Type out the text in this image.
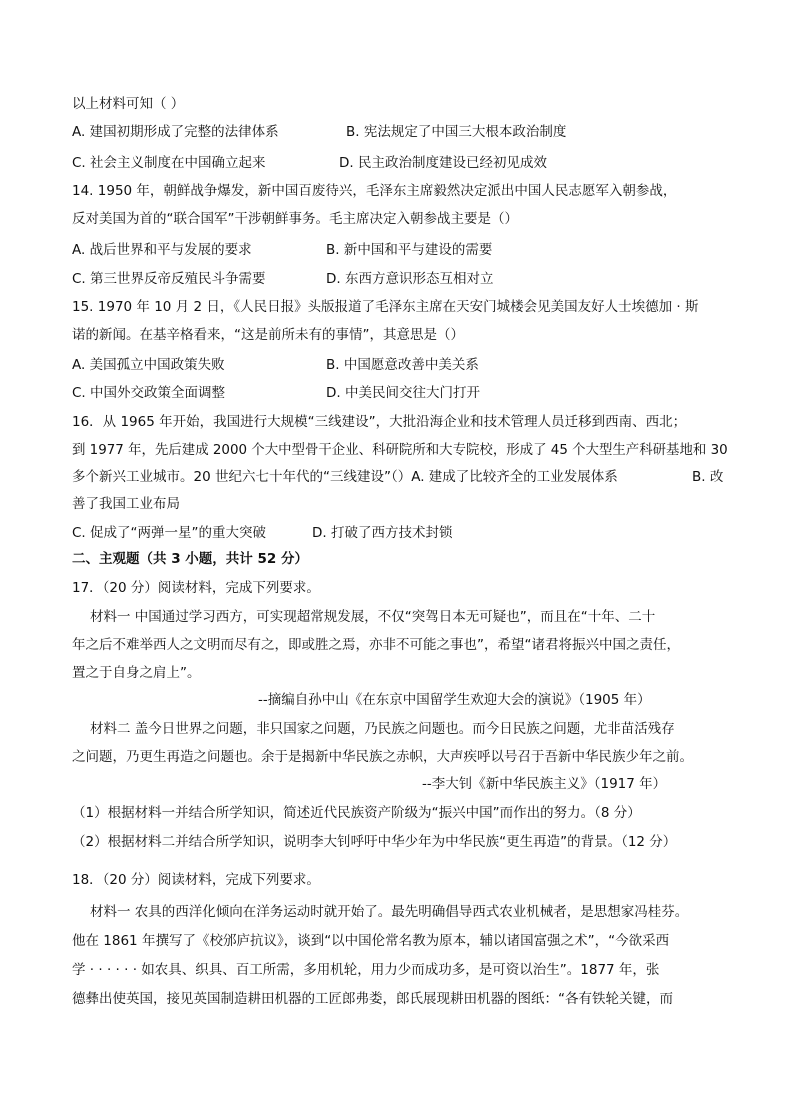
以上材料可知（ ）
A. 建国初期形成了完整的法律体系	B. 宪法规定了中国三大根本政治制度
C. 社会主义制度在中国确立起来	D. 民主政治制度建设已经初见成效
14. 1950 年，朝鲜战争爆发，新中国百废待兴，毛泽东主席毅然决定派出中国人民志愿军入朝参战，
反对美国为首的“联合国军”干涉朝鲜事务。毛主席决定入朝参战主要是（）
A. 战后世界和平与发展的要求	B. 新中国和平与建设的需要
C. 第三世界反帝反殖民斗争需要	D. 东西方意识形态互相对立
15. 1970 年 10 月 2 日，《人民日报》头版报道了毛泽东主席在天安门城楼会见美国友好人士埃德加 · 斯
诺的新闻。在基辛格看来，“这是前所未有的事情”，其意思是（）
A. 美国孤立中国政策失败	B. 中国愿意改善中美关系
C. 中国外交政策全面调整	D. 中美民间交往大门打开
16．从 1965 年开始，我国进行大规模“三线建设”，大批沿海企业和技术管理人员迁移到西南、西北；
到 1977 年，先后建成 2000 个大中型骨干企业、科研院所和大专院校，形成了 45 个大型生产科研基地和 30
多个新兴工业城市。20 世纪六七十年代的“三线建设”（）A. 建成了比较齐全的工业发展体系	B. 改
善了我国工业布局
C. 促成了“两弹一星”的重大突破	D. 打破了西方技术封锁
二、主观题（共 3 小题，共计 52 分）
17．（20 分）阅读材料，完成下列要求。
材料一 中国通过学习西方，可实现超常规发展，不仅“突驾日本无可疑也”，而且在“十年、二十
年之后不难举西人之文明而尽有之，即或胜之焉，亦非不可能之事也”，希望“诸君将振兴中国之责任，
置之于自身之肩上”。
--摘编自孙中山《在东京中国留学生欢迎大会的演说》（1905 年）
材料二 盖今日世界之问题，非只国家之问题，乃民族之问题也。而今日民族之问题，尤非苗活残存
之问题，乃更生再造之问题也。余于是揭新中华民族之赤帜，大声疾呼以号召于吾新中华民族少年之前。
--李大钊《新中华民族主义》（1917 年）
（1）根据材料一并结合所学知识，简述近代民族资产阶级为“振兴中国”而作出的努力。（8 分）
（2）根据材料二并结合所学知识，说明李大钊呼吁中华少年为中华民族“更生再造”的背景。（12 分）
18．（20 分）阅读材料，完成下列要求。
材料一 农具的西洋化倾向在洋务运动时就开始了。最先明确倡导西式农业机械者，是思想家冯桂芬。
他在 1861 年撰写了《校邠庐抗议》，谈到“以中国伦常名教为原本，辅以诸国富强之术”，“今欲采西
学 · · · · · · 如农具、织具、百工所需，多用机轮，用力少而成功多，是可资以治生”。1877 年，张
德彝出使英国，接见英国制造耕田机器的工匠郎弗娄，郎氏展现耕田机器的图纸：“各有铁轮关键，而
